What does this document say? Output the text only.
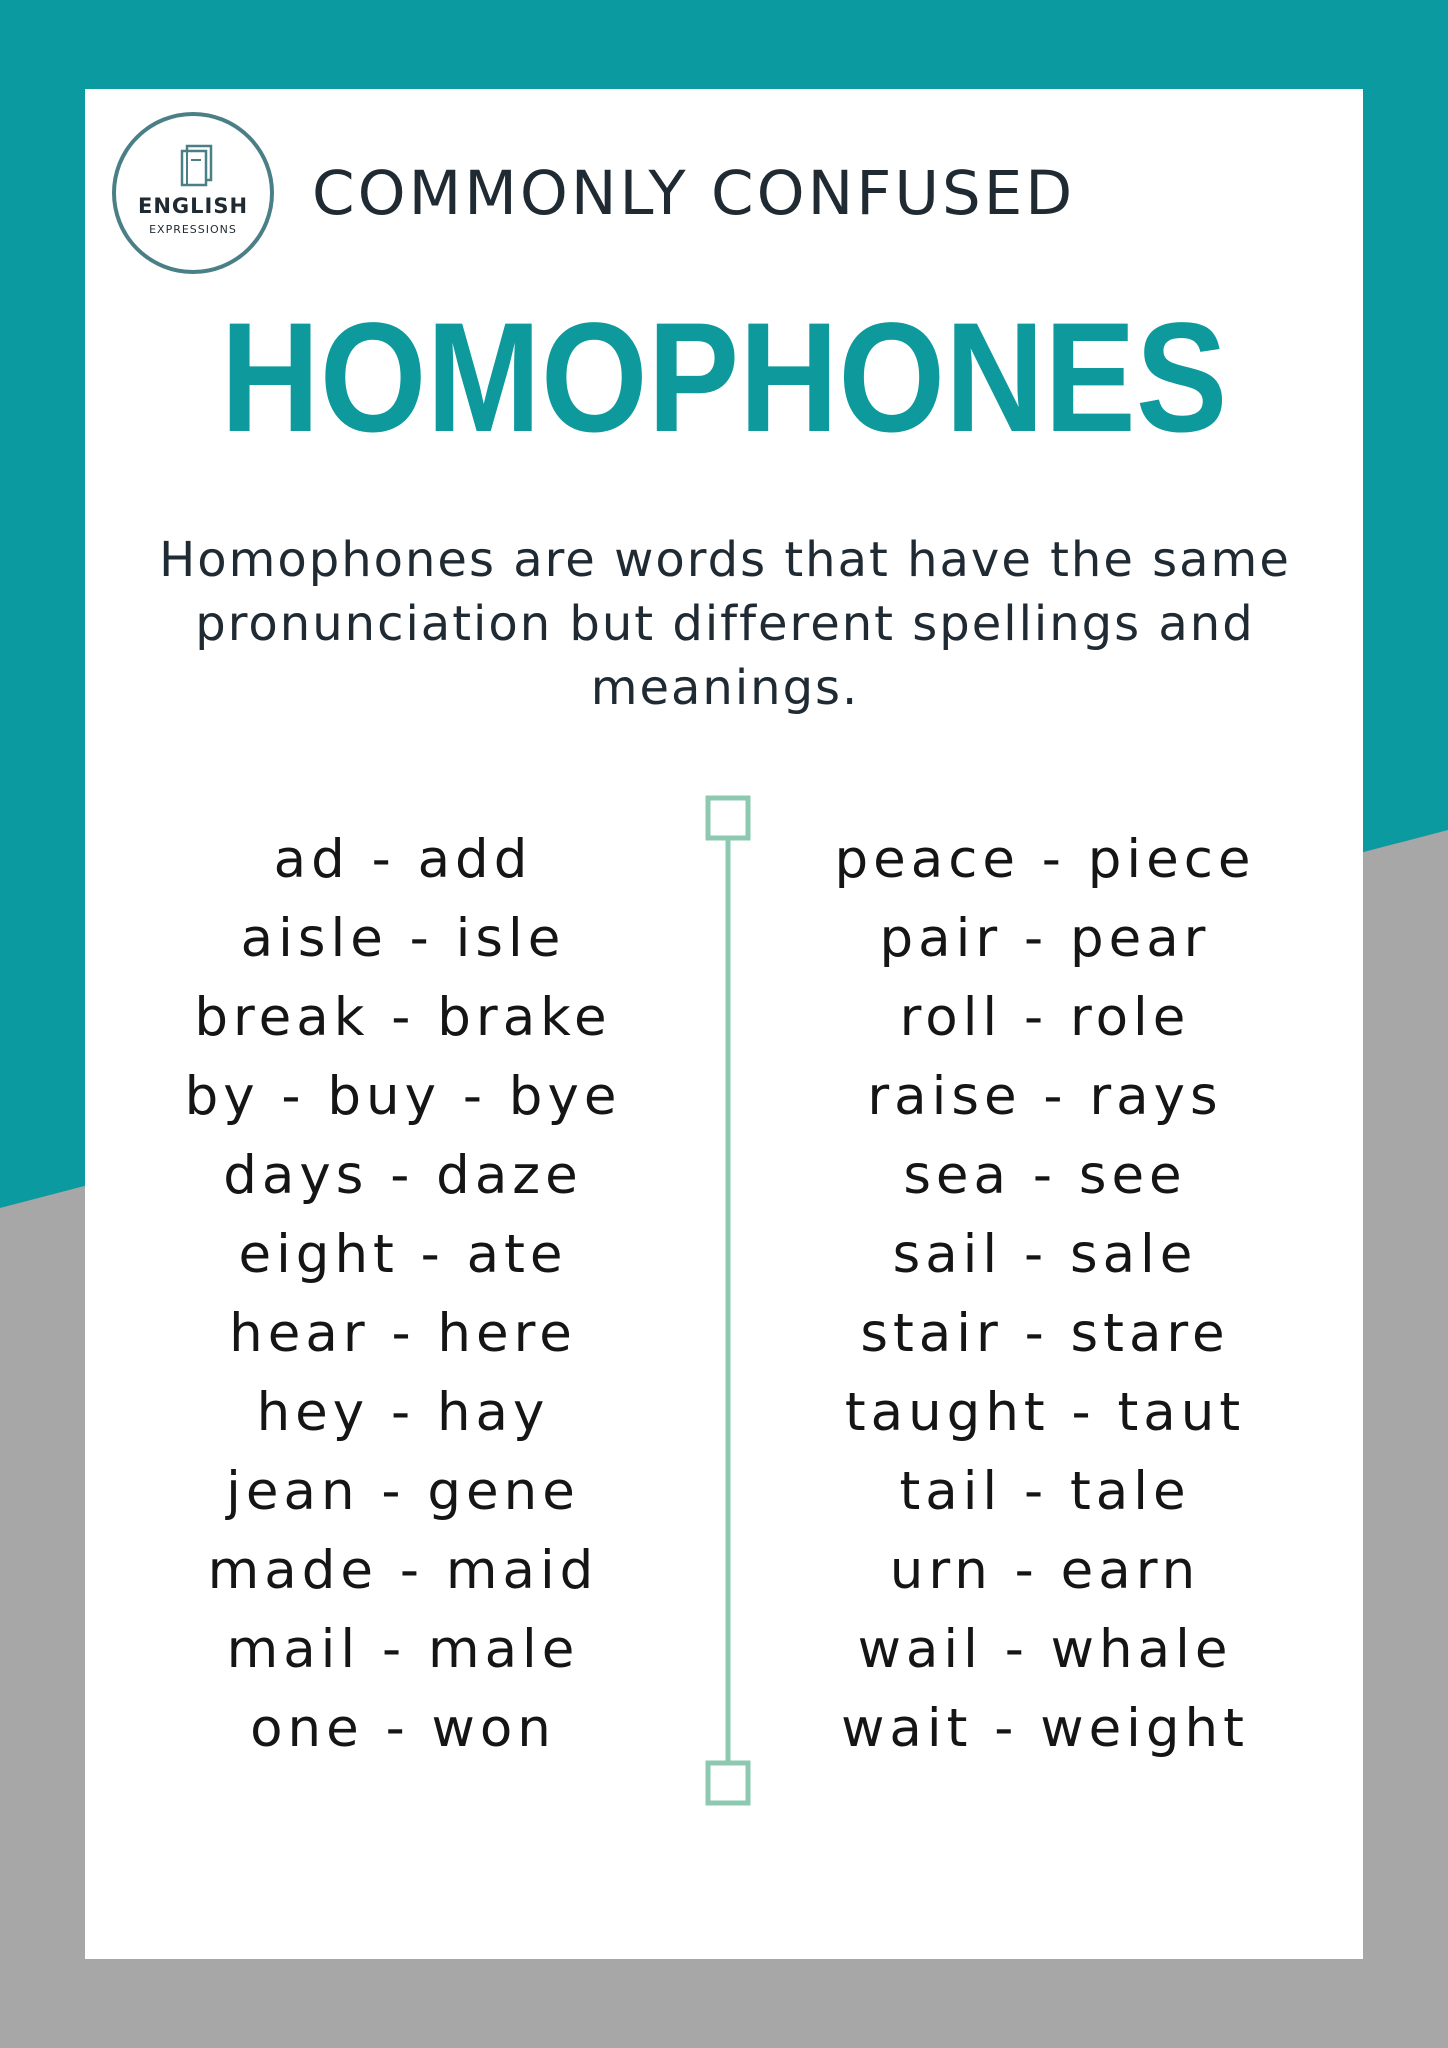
ENGLISH
EXPRESSIONS
COMMONLY CONFUSED
HOMOPHONES
Homophones are words that have the same pronunciation but different spellings and meanings.
ad - add
aisle - isle
break - brake
by - buy - bye
days - daze
eight - ate
hear - here
hey - hay
jean - gene
made - maid
mail - male
one - won
peace - piece
pair - pear
roll - role
raise - rays
sea - see
sail - sale
stair - stare
taught - taut
tail - tale
urn - earn
wail - whale
wait - weight
